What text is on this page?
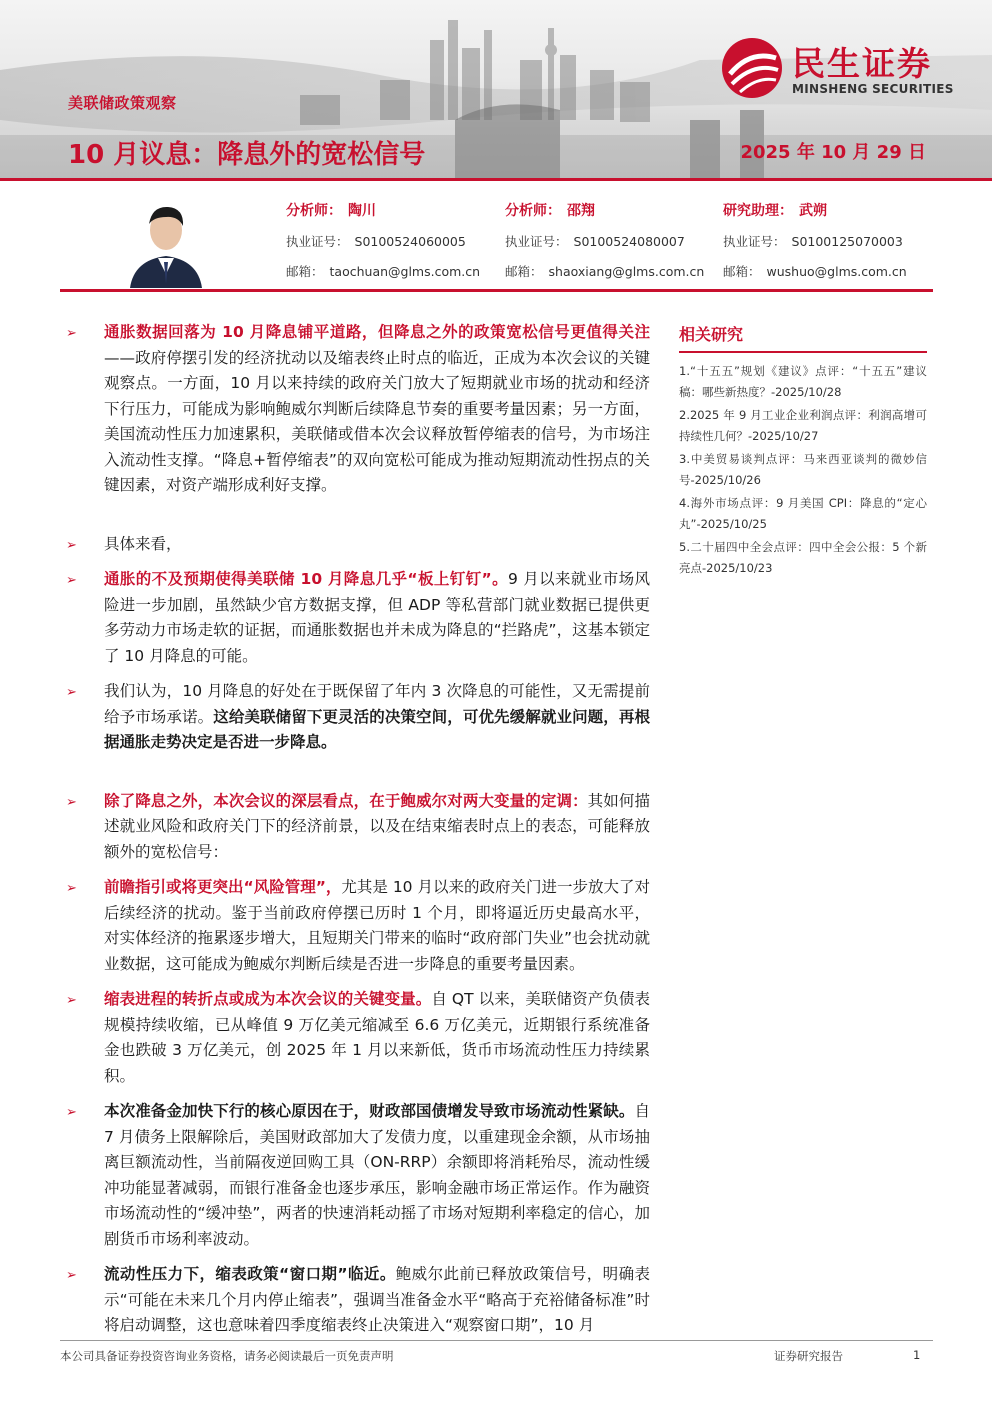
美联储政策观察
10 月议息：降息外的宽松信号	2025 年 10 月 29 日
民生证券
MINSHENG SECURITIES
分析师： 陶川
执业证号： S0100524060005
邮箱： taochuan@glms.com.cn
分析师： 邵翔
执业证号： S0100524080007
邮箱： shaoxiang@glms.com.cn
研究助理： 武朔
执业证号： S0100125070003
邮箱： wushuo@glms.com.cn

➢ 通胀数据回落为 10 月降息铺平道路，但降息之外的政策宽松信号更值得关注——政府停摆引发的经济扰动以及缩表终止时点的临近，正成为本次会议的关键观察点。一方面，10 月以来持续的政府关门放大了短期就业市场的扰动和经济下行压力，可能成为影响鲍威尔判断后续降息节奏的重要考量因素；另一方面，美国流动性压力加速累积，美联储或借本次会议释放暂停缩表的信号，为市场注入流动性支撑。“降息+暂停缩表”的双向宽松可能成为推动短期流动性拐点的关键因素，对资产端形成利好支撑。

➢ 具体来看，

➢ 通胀的不及预期使得美联储 10 月降息几乎“板上钉钉”。9 月以来就业市场风险进一步加剧，虽然缺少官方数据支撑，但 ADP 等私营部门就业数据已提供更多劳动力市场走软的证据，而通胀数据也并未成为降息的“拦路虎”，这基本锁定了 10 月降息的可能。

➢ 我们认为，10 月降息的好处在于既保留了年内 3 次降息的可能性，又无需提前给予市场承诺。这给美联储留下更灵活的决策空间，可优先缓解就业问题，再根据通胀走势决定是否进一步降息。

➢ 除了降息之外，本次会议的深层看点，在于鲍威尔对两大变量的定调：其如何描述就业风险和政府关门下的经济前景，以及在结束缩表时点上的表态，可能释放额外的宽松信号：

➢ 前瞻指引或将更突出“风险管理”，尤其是 10 月以来的政府关门进一步放大了对后续经济的扰动。鉴于当前政府停摆已历时 1 个月，即将逼近历史最高水平，对实体经济的拖累逐步增大，且短期关门带来的临时“政府部门失业”也会扰动就业数据，这可能成为鲍威尔判断后续是否进一步降息的重要考量因素。

➢ 缩表进程的转折点或成为本次会议的关键变量。自 QT 以来，美联储资产负债表规模持续收缩，已从峰值 9 万亿美元缩减至 6.6 万亿美元，近期银行系统准备金也跌破 3 万亿美元，创 2025 年 1 月以来新低，货币市场流动性压力持续累积。

➢ 本次准备金加快下行的核心原因在于，财政部国债增发导致市场流动性紧缺。自 7 月债务上限解除后，美国财政部加大了发债力度，以重建现金余额，从市场抽离巨额流动性，当前隔夜逆回购工具（ON-RRP）余额即将消耗殆尽，流动性缓冲功能显著减弱，而银行准备金也逐步承压，影响金融市场正常运作。作为融资市场流动性的“缓冲垫”，两者的快速消耗动摇了市场对短期利率稳定的信心，加剧货币市场利率波动。

➢ 流动性压力下，缩表政策“窗口期”临近。鲍威尔此前已释放政策信号，明确表示“可能在未来几个月内停止缩表”，强调当准备金水平“略高于充裕储备标准”时将启动调整，这也意味着四季度缩表终止决策进入“观察窗口期”，10 月

相关研究
1.“十五五”规划《建议》点评：“十五五”建议稿：哪些新热度？-2025/10/28
2.2025 年 9 月工业企业利润点评：利润高增可持续性几何？-2025/10/27
3.中美贸易谈判点评：马来西亚谈判的微妙信号-2025/10/26
4.海外市场点评：9 月美国 CPI：降息的“定心丸”-2025/10/25
5.二十届四中全会点评：四中全会公报：5 个新亮点-2025/10/23
本公司具备证券投资咨询业务资格，请务必阅读最后一页免责声明	证券研究报告	1
